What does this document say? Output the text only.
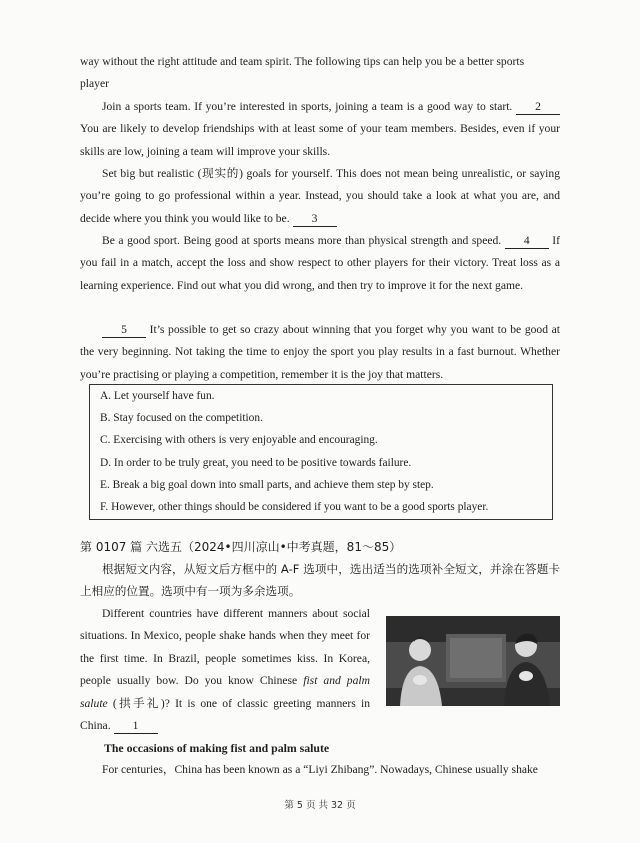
way without the right attitude and team spirit. The following tips can help you be a better sports
player

Join a sports team. If you’re interested in sports, joining a team is a good way to start. 2 You are likely to develop friendships with at least some of your team members. Besides, even if your skills are low, joining a team will improve your skills.

Set big but realistic (现实的) goals for yourself. This does not mean being unrealistic, or saying you’re going to go professional within a year. Instead, you should take a look at what you are, and decide where you think you would like to be. 3

Be a good sport. Being good at sports means more than physical strength and speed. 4 If you fail in a match, accept the loss and show respect to other players for their victory. Treat loss as a learning experience. Find out what you did wrong, and then try to improve it for the next game.

5 It’s possible to get so crazy about winning that you forget why you want to be good at the very beginning. Not taking the time to enjoy the sport you play results in a fast burnout. Whether you’re practising or playing a competition, remember it is the joy that matters.

A. Let yourself have fun.
B. Stay focused on the competition.
C. Exercising with others is very enjoyable and encouraging.
D. In order to be truly great, you need to be positive towards failure.
E. Break a big goal down into small parts, and achieve them step by step.
F. However, other things should be considered if you want to be a good sports player.
第 0107 篇 六选五（2024•四川凉山•中考真题，81～85）
根据短文内容，从短文后方框中的 A-F 选项中，选出适当的选项补全短文，并涂在答题卡上相应的位置。选项中有一项为多余选项。

Different countries have different manners about social situations. In Mexico, people shake hands when they meet for the first time. In Brazil, people sometimes kiss. In Korea, people usually bow. Do you know Chinese fist and palm salute (拱手礼)? It is one of classic greeting manners in China. 1

The occasions of making fist and palm salute
For centuries，China has been known as a “Liyi Zhibang”. Nowadays, Chinese usually shake
第 5 页 共 32 页
